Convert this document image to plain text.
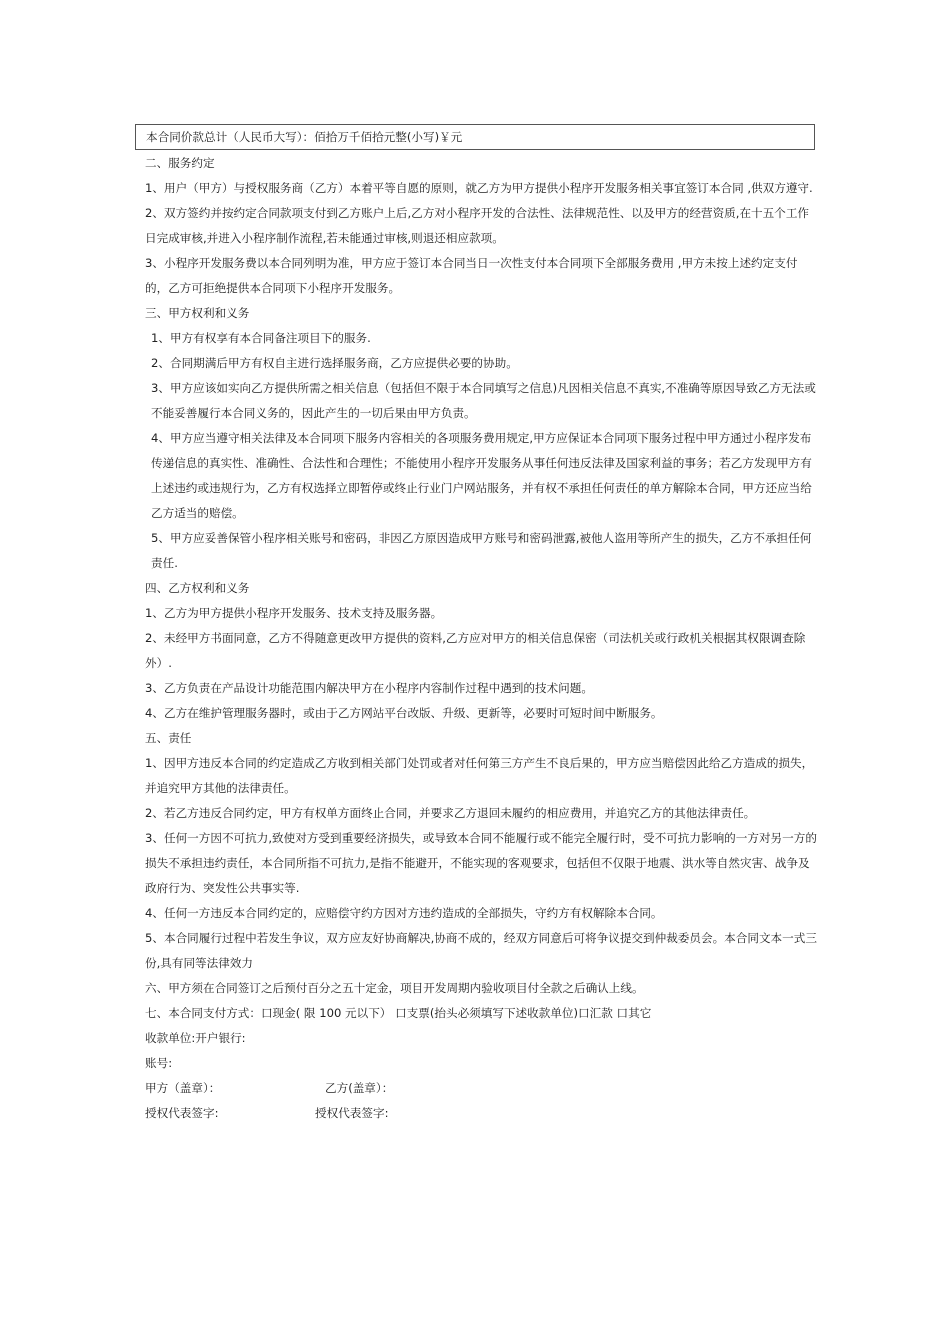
本合同价款总计（人民币大写）：佰拾万千佰拾元整(小写)￥元

二、服务约定

1、用户（甲方）与授权服务商（乙方）本着平等自愿的原则，就乙方为甲方提供小程序开发服务相关事宜签订本合同 ,供双方遵守.

2、双方签约并按约定合同款项支付到乙方账户上后,乙方对小程序开发的合法性、法律规范性、以及甲方的经营资质,在十五个工作日完成审核,并进入小程序制作流程,若未能通过审核,则退还相应款项。

3、小程序开发服务费以本合同列明为准，甲方应于签订本合同当日一次性支付本合同项下全部服务费用 ,甲方未按上述约定支付的，乙方可拒绝提供本合同项下小程序开发服务。

三、甲方权利和义务

1、甲方有权享有本合同备注项目下的服务.

2、合同期满后甲方有权自主进行选择服务商，乙方应提供必要的协助。

3、甲方应该如实向乙方提供所需之相关信息（包括但不限于本合同填写之信息)凡因相关信息不真实,不准确等原因导致乙方无法或不能妥善履行本合同义务的，因此产生的一切后果由甲方负责。

4、甲方应当遵守相关法律及本合同项下服务内容相关的各项服务费用规定,甲方应保证本合同项下服务过程中甲方通过小程序发布传递信息的真实性、准确性、合法性和合理性；不能使用小程序开发服务从事任何违反法律及国家利益的事务；若乙方发现甲方有上述违约或违规行为，乙方有权选择立即暂停或终止行业门户网站服务，并有权不承担任何责任的单方解除本合同，甲方还应当给乙方适当的赔偿。

5、甲方应妥善保管小程序相关账号和密码，非因乙方原因造成甲方账号和密码泄露,被他人盗用等所产生的损失，乙方不承担任何责任.

四、乙方权利和义务

1、乙方为甲方提供小程序开发服务、技术支持及服务器。

2、未经甲方书面同意，乙方不得随意更改甲方提供的资料,乙方应对甲方的相关信息保密（司法机关或行政机关根据其权限调查除外）.

3、乙方负责在产品设计功能范围内解决甲方在小程序内容制作过程中遇到的技术问题。

4、乙方在维护管理服务器时，或由于乙方网站平台改版、升级、更新等，必要时可短时间中断服务。

五、责任

1、因甲方违反本合同的约定造成乙方收到相关部门处罚或者对任何第三方产生不良后果的，甲方应当赔偿因此给乙方造成的损失，并追究甲方其他的法律责任。

2、若乙方违反合同约定，甲方有权单方面终止合同，并要求乙方退回未履约的相应费用，并追究乙方的其他法律责任。

3、任何一方因不可抗力,致使对方受到重要经济损失，或导致本合同不能履行或不能完全履行时，受不可抗力影响的一方对另一方的损失不承担违约责任，本合同所指不可抗力,是指不能避开，不能实现的客观要求，包括但不仅限于地震、洪水等自然灾害、战争及政府行为、突发性公共事实等.

4、任何一方违反本合同约定的，应赔偿守约方因对方违约造成的全部损失，守约方有权解除本合同。

5、本合同履行过程中若发生争议，双方应友好协商解决,协商不成的，经双方同意后可将争议提交到仲裁委员会。本合同文本一式三份,具有同等法律效力

六、甲方须在合同签订之后预付百分之五十定金，项目开发周期内验收项目付全款之后确认上线。

七、本合同支付方式：口现金( 限 100 元以下） 口支票(抬头必须填写下述收款单位)口汇款 口其它

收款单位:开户银行:

账号:

甲方（盖章）：	乙方(盖章）：
授权代表签字:	授权代表签字:
